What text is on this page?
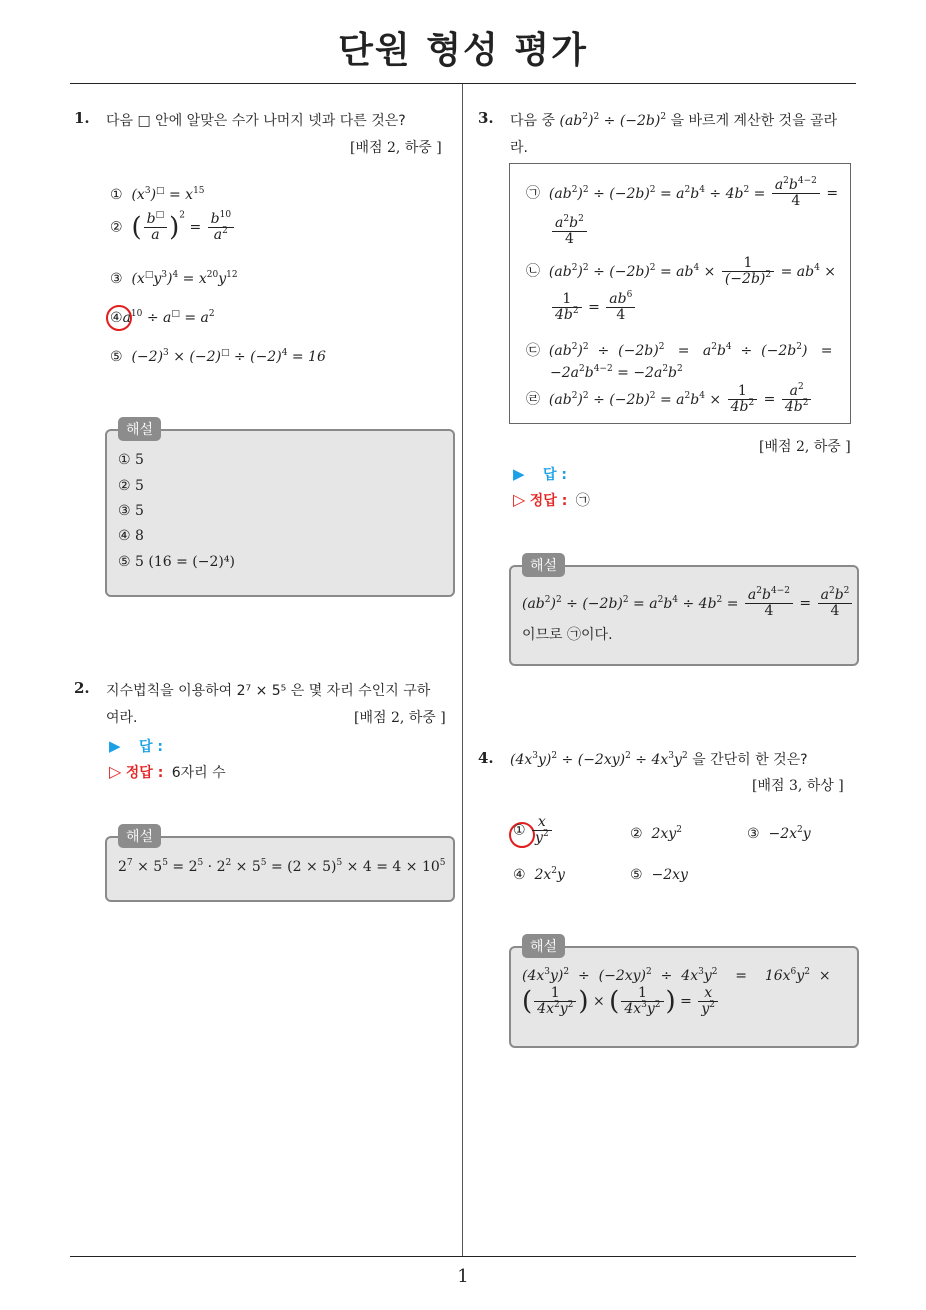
단원 형성 평가
1
1. 다음 □ 안에 알맞은 수가 나머지 넷과 다른 것은?
[배점 2, 하중 ]
① $(x^3)^□ = x^{15}$
② ( $\frac{b^□}{a} )^2 = \frac{b^{10}}{a^2}$
③ $(x^□y^3)^4 = x^{20}y^{12}$
$④a^{10} \div a^□ = a^2$
⑤ $(-2)^3 \times (-2)^□ \div (-2)^4 = 16$
해설
① 5
② 5
③ 5
④ 8
⑤ 5 (16 = (−2)⁴)
2. 지수법칙을 이용하여 2⁷ × 5⁵ 은 몇 자리 수인지 구하
여라.	[배점 2, 하중 ]
▶ 답 :
▷ 정답 : 6자리 수
해설
$2^7 \times 5^5 = 2^5 \cdot 2^2 \times 5^5 = (2 \times 5)^5 \times 4 = 4 \times 10^5$
3. 다음 중 $(ab^2)^2 \div (-2b)^2$ 을 바르게 계산한 것을 골라
라.
㉠ $(ab^2)^2 \div (-2b)^2 = a^2b^4 \div 4b^2 = \frac{a^2b^{4-2}}{4}$ =
$\frac{a^2b^2}{4}$
㉡ $(ab^2)^2 \div (-2b)^2 = ab^4 \times \frac{1}{(-2b)^2} = ab^4$ ×
$\frac{1}{4b^2} = \frac{ab^6}{4}$
㉢ $(ab^2)^2 \div (-2b)^2 = a^2b^4 \div (-2b^2)$   =
$-2a^2b^{4-2} = -2a^2b^2$
㉣ $(ab^2)^2 \div (-2b)^2 = a^2b^4 \times \frac{1}{4b^2} = \frac{a^2}{4b^2}$
[배점 2, 하중 ]
▶ 답 :
▷ 정답 : ㉠
해설
$(ab^2)^2 \div (-2b)^2 = a^2b^4 \div 4b^2 = \frac{a^2b^{4-2}}{4} = \frac{a^2b^2}{4}$
이므로 ㉠이다.
4. $(4x^3y)^2 \div (-2xy)^2 \div 4x^3y^2$ 을 간단히 한 것은?
[배점 3, 하상 ]
① $\frac{x}{y^2}$	② $2xy^2$	③ $-2x^2y$
④ $2x^2y$	⑤ −2xy
해설
$(4x^3y)^2 \div (-2xy)^2 \div 4x^3y^2$    =    $16x^6y^2$  ×
( $\frac{1}{4x^2y^2}$ ) × ( $\frac{1}{4x^3y^2}$ ) = $\frac{x}{y^2}$
